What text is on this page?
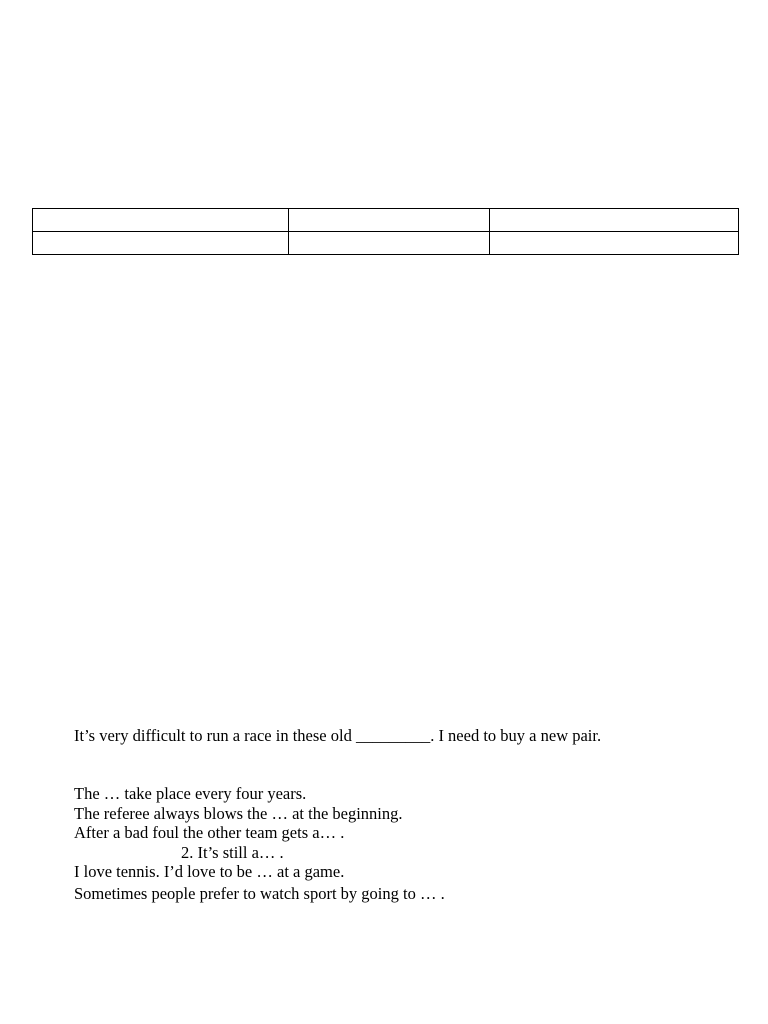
It’s very difficult to run a race in these old _________. I need to buy a new pair.

The … take place every four years.

The referee always blows the … at the beginning.

After a bad foul the other team gets a… .

2. It’s still a… .

I love tennis. I’d love to be … at a game.

Sometimes people prefer to watch sport by going to … .
